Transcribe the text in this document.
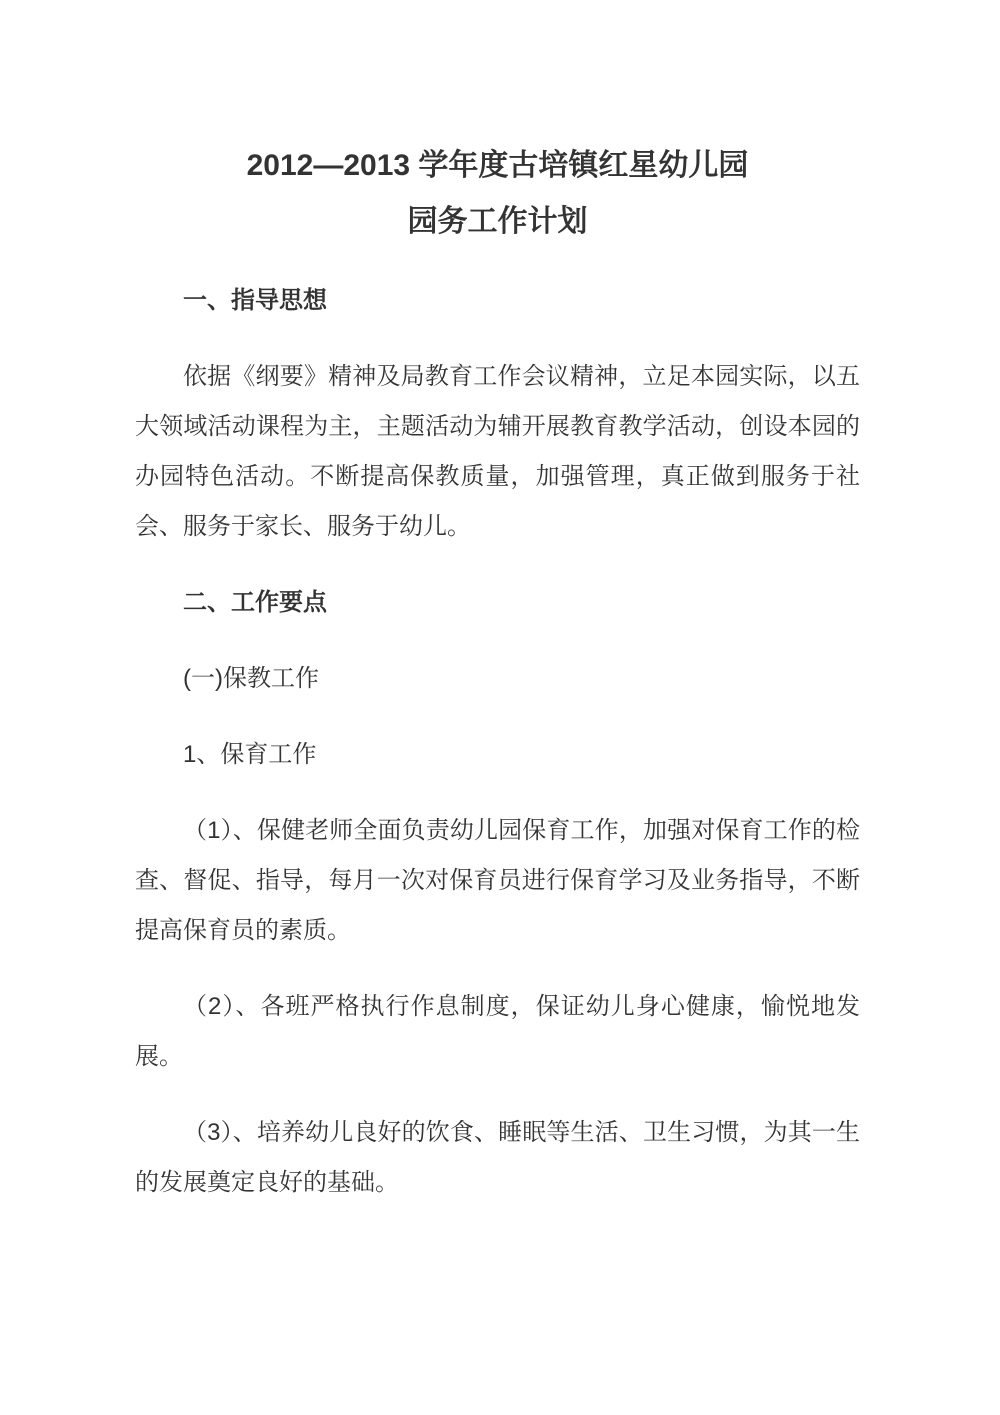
2012—2013 学年度古培镇红星幼儿园
园务工作计划

一、指导思想

依据《纲要》精神及局教育工作会议精神，立足本园实际，以五大领域活动课程为主，主题活动为辅开展教育教学活动，创设本园的办园特色活动。不断提高保教质量，加强管理，真正做到服务于社会、服务于家长、服务于幼儿。

二、工作要点

(一)保教工作

1、保育工作

（1）、保健老师全面负责幼儿园保育工作，加强对保育工作的检查、督促、指导，每月一次对保育员进行保育学习及业务指导，不断提高保育员的素质。

（2）、各班严格执行作息制度，保证幼儿身心健康，愉悦地发展。

（3）、培养幼儿良好的饮食、睡眠等生活、卫生习惯，为其一生的发展奠定良好的基础。
